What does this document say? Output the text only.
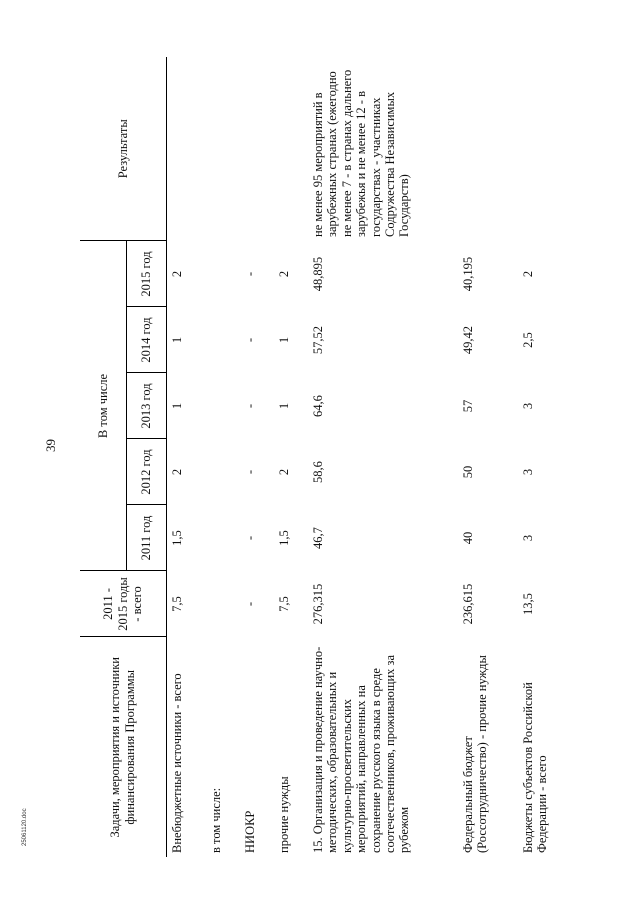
39
25061120.doc	Задачи, мероприятия и источники финансирования Программы	2011 - 2015 годы - всего	В том числе					Результаты
		2011 год	2012 год	2013 год	2014 год	2015 год	
Внебюджетные источники - всего	7,5	1,5	2	1	1	2	
в том числе:							
НИОКР	-	-	-	-	-	-	
прочие нужды	7,5	1,5	2	1	1	2	
15. Организация и проведение научно-методических, образовательных и культурно-просветительских мероприятий, направленных на сохранение русского языка в среде соотечественников, проживающих за рубежом	276,315	46,7	58,6	64,6	57,52	48,895	не менее 95 мероприятий в зарубежных странах (ежегодно не менее 7 - в странах дальнего зарубежья и не менее 12 - в государствах - участниках Содружества Независимых Государств)
Федеральный бюджет (Россотрудничество) - прочие нужды	236,615	40	50	57	49,42	40,195	
Бюджеты субъектов Российской Федерации - всего	13,5	3	3	3	2,5	2	
